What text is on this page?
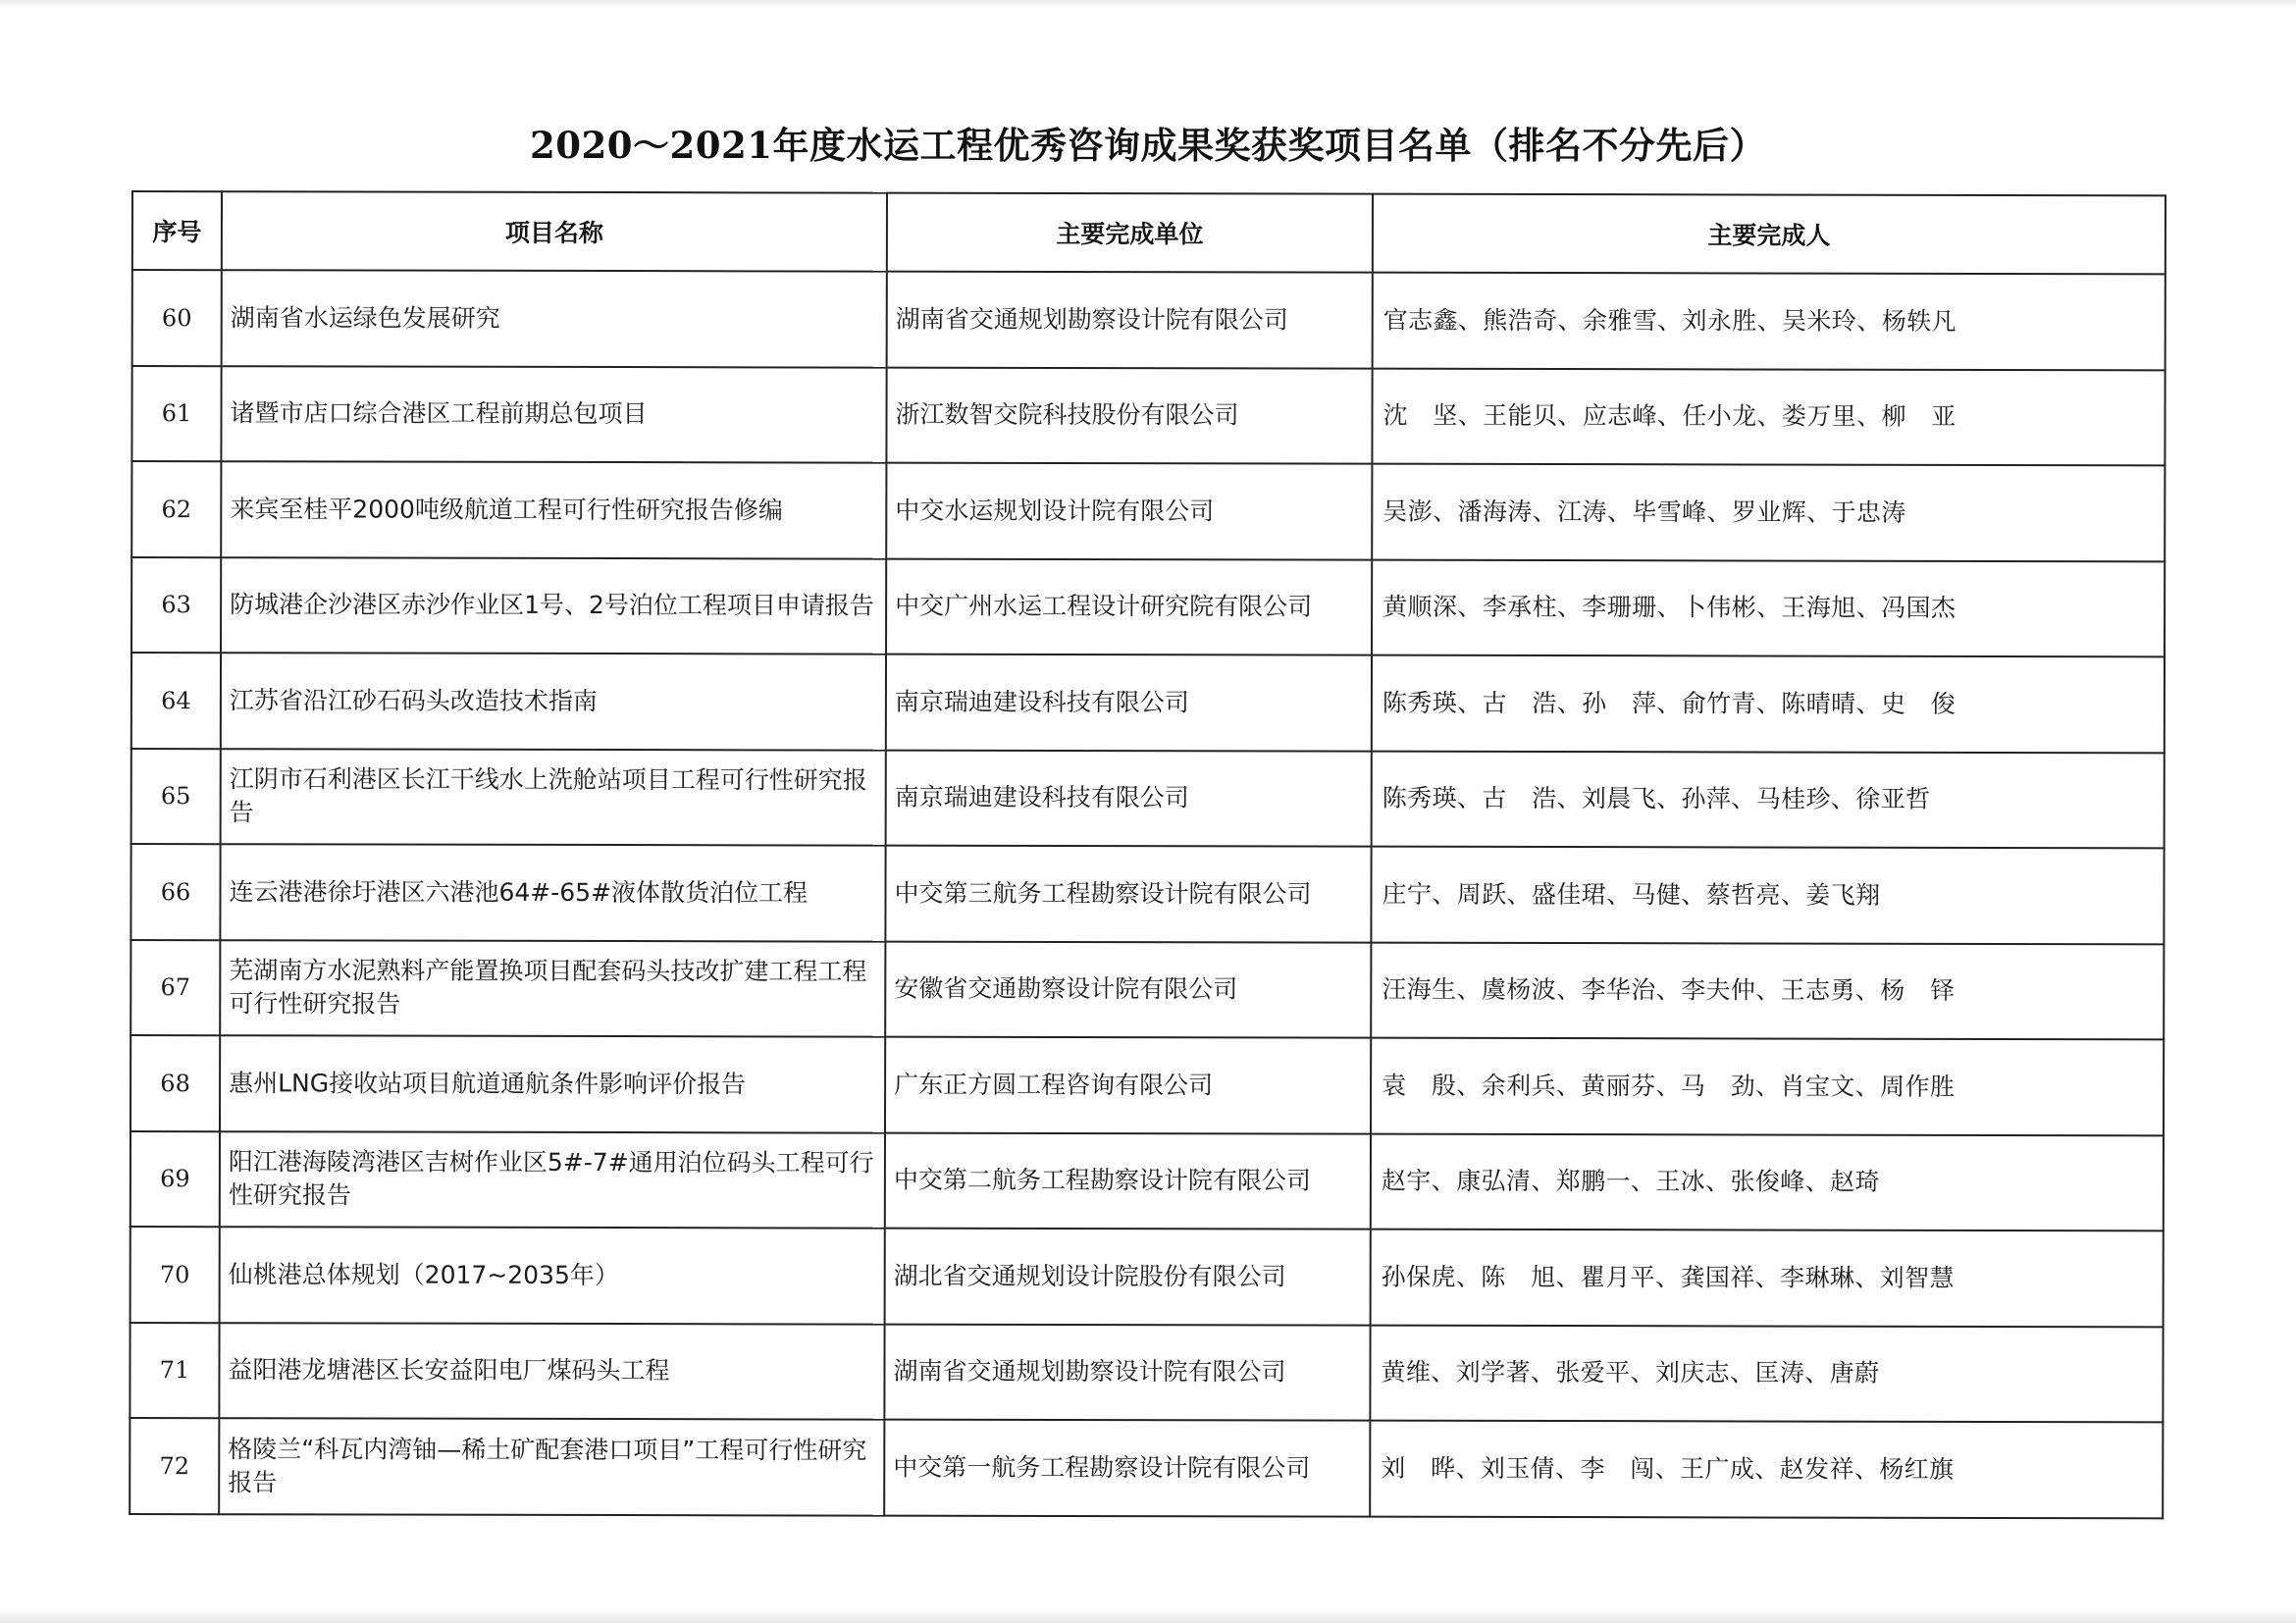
2020～2021年度水运工程优秀咨询成果奖获奖项目名单（排名不分先后）
序号	项目名称	主要完成单位	主要完成人
60	湖南省水运绿色发展研究	湖南省交通规划勘察设计院有限公司	官志鑫、熊浩奇、余雅雪、刘永胜、吴米玲、杨轶凡
61	诸暨市店口综合港区工程前期总包项目	浙江数智交院科技股份有限公司	沈　坚、王能贝、应志峰、任小龙、娄万里、柳　亚
62	来宾至桂平2000吨级航道工程可行性研究报告修编	中交水运规划设计院有限公司	吴澎、潘海涛、江涛、毕雪峰、罗业辉、于忠涛
63	防城港企沙港区赤沙作业区1号、2号泊位工程项目申请报告	中交广州水运工程设计研究院有限公司	黄顺深、李承柱、李珊珊、卜伟彬、王海旭、冯国杰
64	江苏省沿江砂石码头改造技术指南	南京瑞迪建设科技有限公司	陈秀瑛、古　浩、孙　萍、俞竹青、陈晴晴、史　俊
65	江阴市石利港区长江干线水上洗舱站项目工程可行性研究报告	南京瑞迪建设科技有限公司	陈秀瑛、古　浩、刘晨飞、孙萍、马桂珍、徐亚哲
66	连云港港徐圩港区六港池64#-65#液体散货泊位工程	中交第三航务工程勘察设计院有限公司	庄宁、周跃、盛佳珺、马健、蔡哲亮、姜飞翔
67	芜湖南方水泥熟料产能置换项目配套码头技改扩建工程工程可行性研究报告	安徽省交通勘察设计院有限公司	汪海生、虞杨波、李华治、李夫仲、王志勇、杨　铎
68	惠州LNG接收站项目航道通航条件影响评价报告	广东正方圆工程咨询有限公司	袁　殷、余利兵、黄丽芬、马　劲、肖宝文、周作胜
69	阳江港海陵湾港区吉树作业区5#-7#通用泊位码头工程可行性研究报告	中交第二航务工程勘察设计院有限公司	赵宇、康弘清、郑鹏一、王冰、张俊峰、赵琦
70	仙桃港总体规划（2017~2035年）	湖北省交通规划设计院股份有限公司	孙保虎、陈　旭、瞿月平、龚国祥、李琳琳、刘智慧
71	益阳港龙塘港区长安益阳电厂煤码头工程	湖南省交通规划勘察设计院有限公司	黄维、刘学著、张爱平、刘庆志、匡涛、唐蔚
72	格陵兰“科瓦内湾铀—稀土矿配套港口项目”工程可行性研究报告	中交第一航务工程勘察设计院有限公司	刘　晔、刘玉倩、李　闯、王广成、赵发祥、杨红旗
